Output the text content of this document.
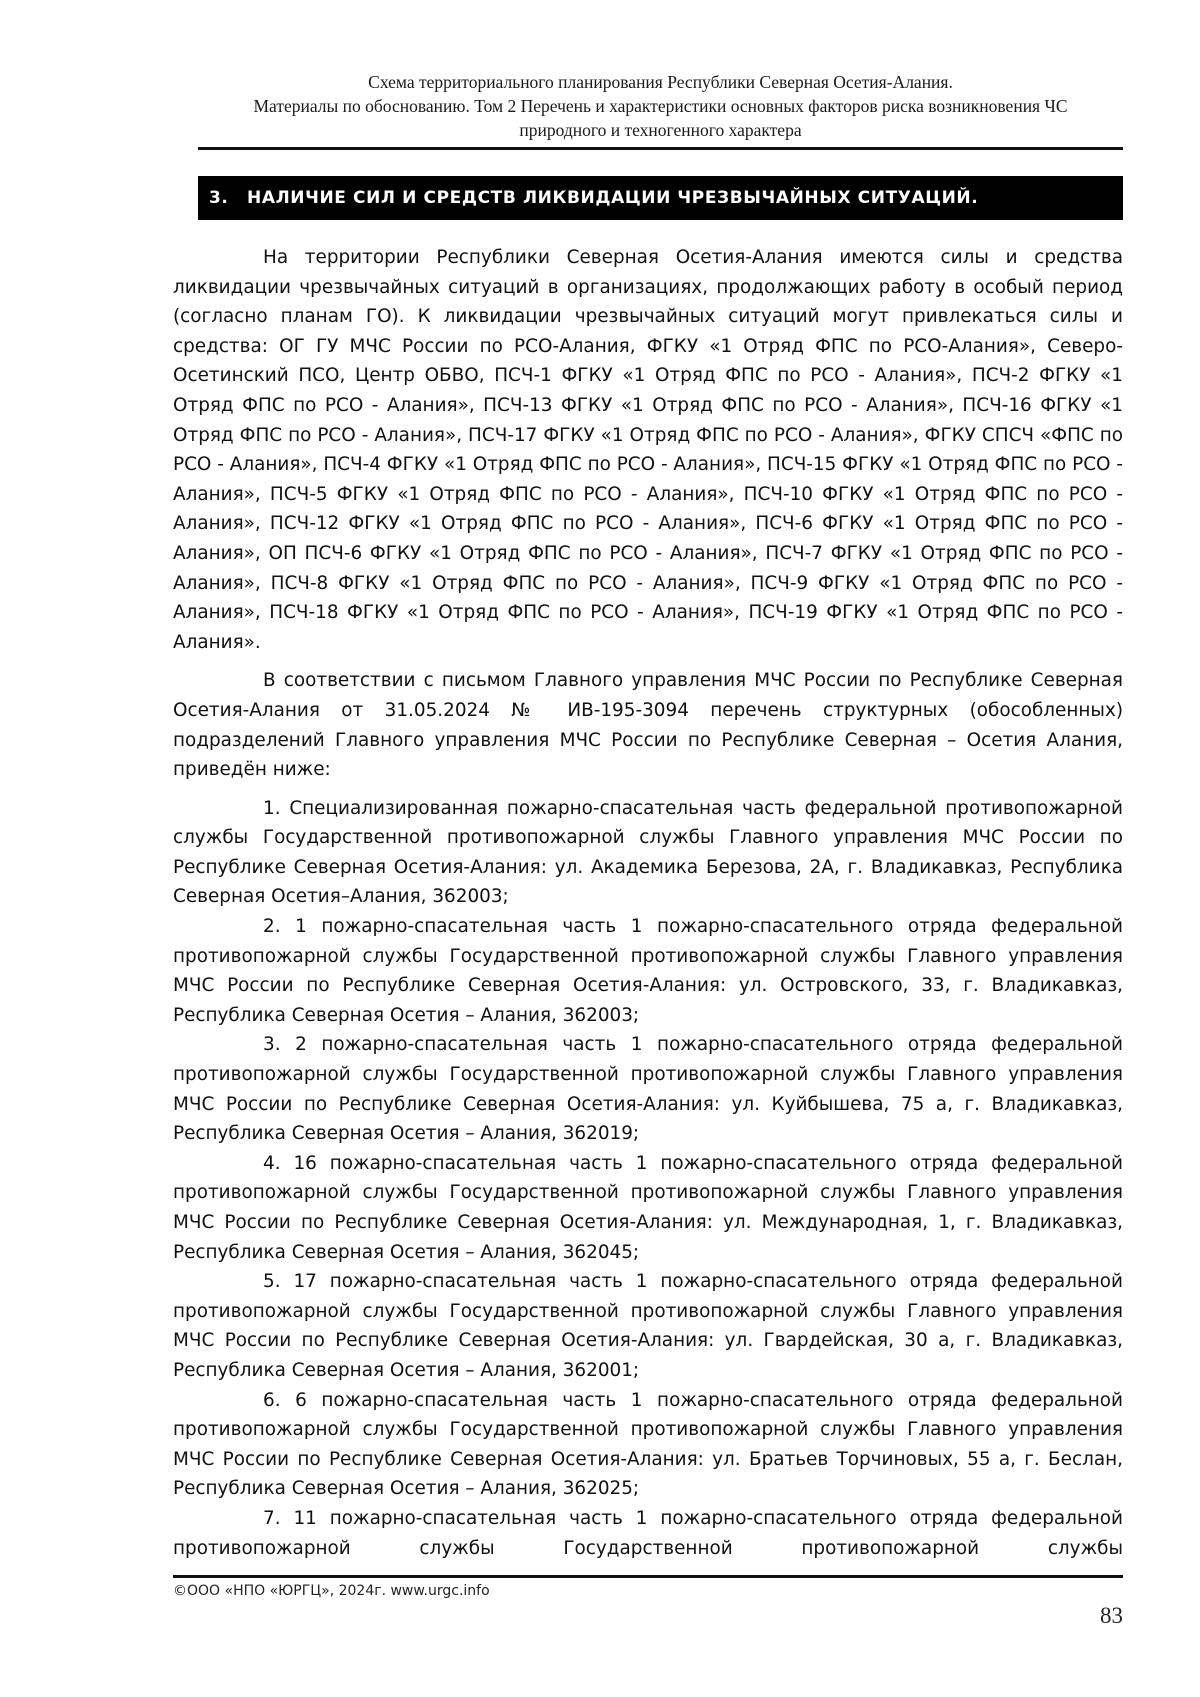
Схема территориального планирования Республики Северная Осетия-Алания.
Материалы по обоснованию. Том 2 Перечень и характеристики основных факторов риска возникновения ЧС
природного и техногенного характера
3.	НАЛИЧИЕ СИЛ И СРЕДСТВ ЛИКВИДАЦИИ ЧРЕЗВЫЧАЙНЫХ СИТУАЦИЙ.

На территории Республики Северная Осетия-Алания имеются силы и средства ликвидации чрезвычайных ситуаций в организациях, продолжающих работу в особый период (согласно планам ГО). К ликвидации чрезвычайных ситуаций могут привлекаться силы и средства: ОГ ГУ МЧС России по РСО-Алания, ФГКУ «1 Отряд ФПС по РСО-Алания», Северо-Осетинский ПСО, Центр ОБВО, ПСЧ-1 ФГКУ «1 Отряд ФПС по РСО - Алания», ПСЧ-2 ФГКУ «1 Отряд ФПС по РСО - Алания», ПСЧ-13 ФГКУ «1 Отряд ФПС по РСО - Алания», ПСЧ-16 ФГКУ «1 Отряд ФПС по РСО - Алания», ПСЧ-17 ФГКУ «1 Отряд ФПС по РСО - Алания», ФГКУ СПСЧ «ФПС по РСО - Алания», ПСЧ-4 ФГКУ «1 Отряд ФПС по РСО - Алания», ПСЧ-15 ФГКУ «1 Отряд ФПС по РСО - Алания», ПСЧ-5 ФГКУ «1 Отряд ФПС по РСО - Алания», ПСЧ-10 ФГКУ «1 Отряд ФПС по РСО - Алания», ПСЧ-12 ФГКУ «1 Отряд ФПС по РСО - Алания», ПСЧ-6 ФГКУ «1 Отряд ФПС по РСО - Алания», ОП ПСЧ-6 ФГКУ «1 Отряд ФПС по РСО - Алания», ПСЧ-7 ФГКУ «1 Отряд ФПС по РСО - Алания», ПСЧ-8 ФГКУ «1 Отряд ФПС по РСО - Алания», ПСЧ-9 ФГКУ «1 Отряд ФПС по РСО - Алания», ПСЧ-18 ФГКУ «1 Отряд ФПС по РСО - Алания», ПСЧ-19 ФГКУ «1 Отряд ФПС по РСО - Алания».

В соответствии с письмом Главного управления МЧС России по Республике Северная Осетия-Алания от 31.05.2024 № ИВ-195-3094 перечень структурных (обособленных) подразделений Главного управления МЧС России по Республике Северная – Осетия Алания, приведён ниже:

1. Специализированная пожарно-спасательная часть федеральной противопожарной службы Государственной противопожарной службы Главного управления МЧС России по Республике Северная Осетия-Алания: ул. Академика Березова, 2А, г. Владикавказ, Республика Северная Осетия–Алания, 362003;

2. 1 пожарно-спасательная часть 1 пожарно-спасательного отряда федеральной противопожарной службы Государственной противопожарной службы Главного управления МЧС России по Республике Северная Осетия-Алания: ул. Островского, 33, г. Владикавказ, Республика Северная Осетия – Алания, 362003;

3. 2 пожарно-спасательная часть 1 пожарно-спасательного отряда федеральной противопожарной службы Государственной противопожарной службы Главного управления МЧС России по Республике Северная Осетия-Алания: ул. Куйбышева, 75 а, г. Владикавказ, Республика Северная Осетия – Алания, 362019;

4. 16 пожарно-спасательная часть 1 пожарно-спасательного отряда федеральной противопожарной службы Государственной противопожарной службы Главного управления МЧС России по Республике Северная Осетия-Алания: ул. Международная, 1, г. Владикавказ, Республика Северная Осетия – Алания, 362045;

5. 17 пожарно-спасательная часть 1 пожарно-спасательного отряда федеральной противопожарной службы Государственной противопожарной службы Главного управления МЧС России по Республике Северная Осетия-Алания: ул. Гвардейская, 30 а, г. Владикавказ, Республика Северная Осетия – Алания, 362001;

6. 6 пожарно-спасательная часть 1 пожарно-спасательного отряда федеральной противопожарной службы Государственной противопожарной службы Главного управления МЧС России по Республике Северная Осетия-Алания: ул. Братьев Торчиновых, 55 а, г. Беслан, Республика Северная Осетия – Алания, 362025;

7. 11 пожарно-спасательная часть 1 пожарно-спасательного отряда федеральной противопожарной службы Государственной противопожарной службы

©ООО «НПО «ЮРГЦ», 2024г. www.urgc.info
83
